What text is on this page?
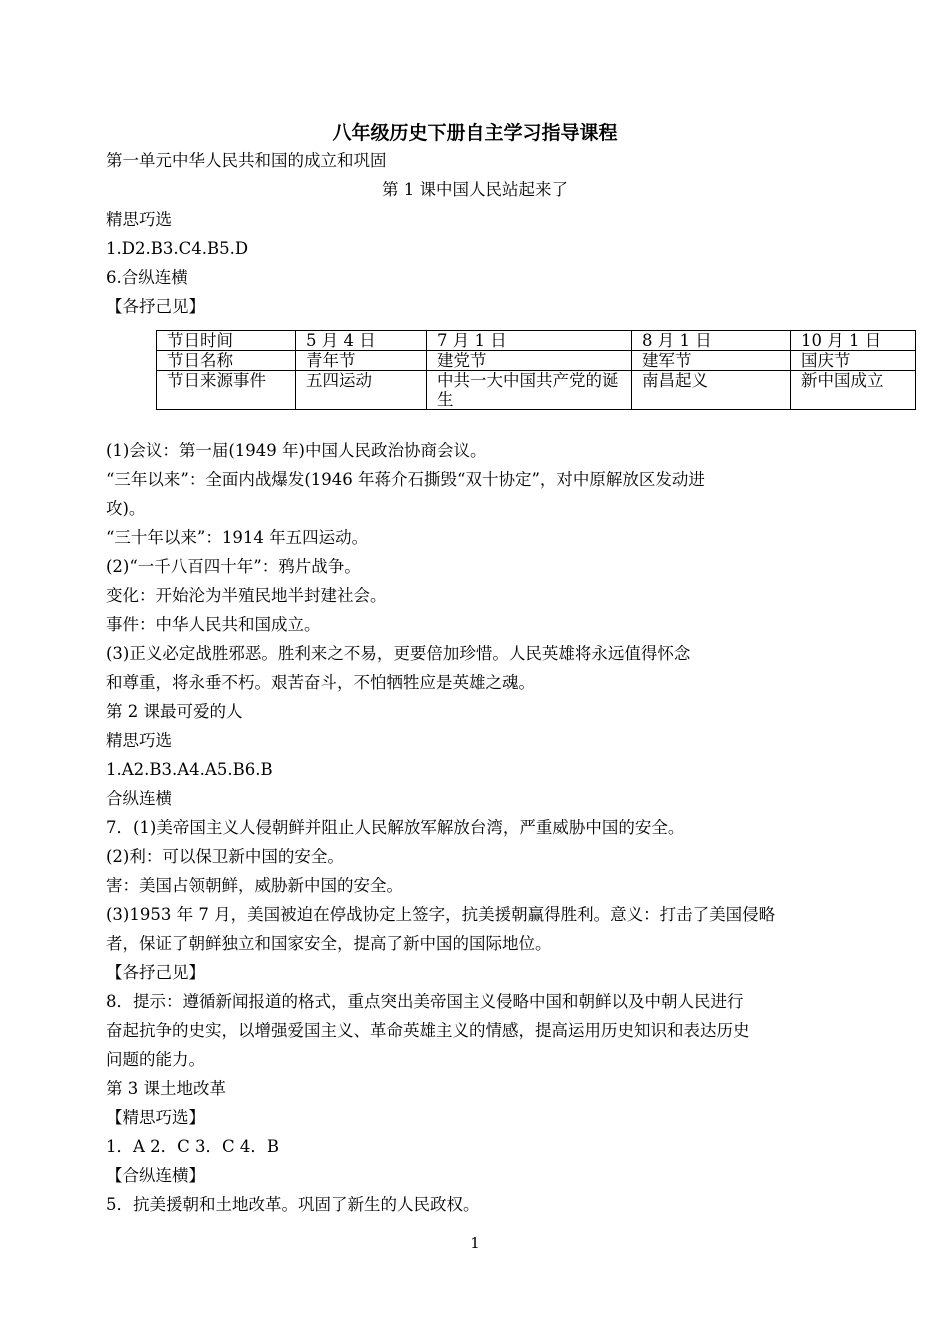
八年级历史下册自主学习指导课程
第一单元中华人民共和国的成立和巩固
第 1 课中国人民站起来了
精思巧选
1.D2.B3.C4.B5.D
6.合纵连横
【各抒己见】
节日时间	5 月 4 日	7 月 1 日	8 月 1 日	10 月 1 日
节日名称	青年节	建党节	建军节	国庆节
节日来源事件	五四运动	中共一大中国共产党的诞生	南昌起义	新中国成立
(1)会议：第一届(1949 年)中国人民政治协商会议。
“三年以来”：全面内战爆发(1946 年蒋介石撕毁“双十协定”，对中原解放区发动进
攻)。
“三十年以来”：1914 年五四运动。
(2)“一千八百四十年”：鸦片战争。
变化：开始沦为半殖民地半封建社会。
事件：中华人民共和国成立。
(3)正义必定战胜邪恶。胜利来之不易，更要倍加珍惜。人民英雄将永远值得怀念
和尊重，将永垂不朽。艰苦奋斗，不怕牺牲应是英雄之魂。
第 2 课最可爱的人
精思巧选
1.A2.B3.A4.A5.B6.B
合纵连横
7．(1)美帝国主义人侵朝鲜并阻止人民解放军解放台湾，严重威胁中国的安全。
(2)利：可以保卫新中国的安全。
害：美国占领朝鲜，威胁新中国的安全。
(3)1953 年 7 月，美国被迫在停战协定上签字，抗美援朝赢得胜利。意义：打击了美国侵略
者，保证了朝鲜独立和国家安全，提高了新中国的国际地位。
【各抒己见】
8．提示：遵循新闻报道的格式，重点突出美帝国主义侵略中国和朝鲜以及中朝人民进行
奋起抗争的史实，以增强爱国主义、革命英雄主义的情感，提高运用历史知识和表达历史
问题的能力。
第 3 课土地改革
【精思巧选】
1．A 2．C 3．C 4．B
【合纵连横】
5．抗美援朝和土地改革。巩固了新生的人民政权。
1
